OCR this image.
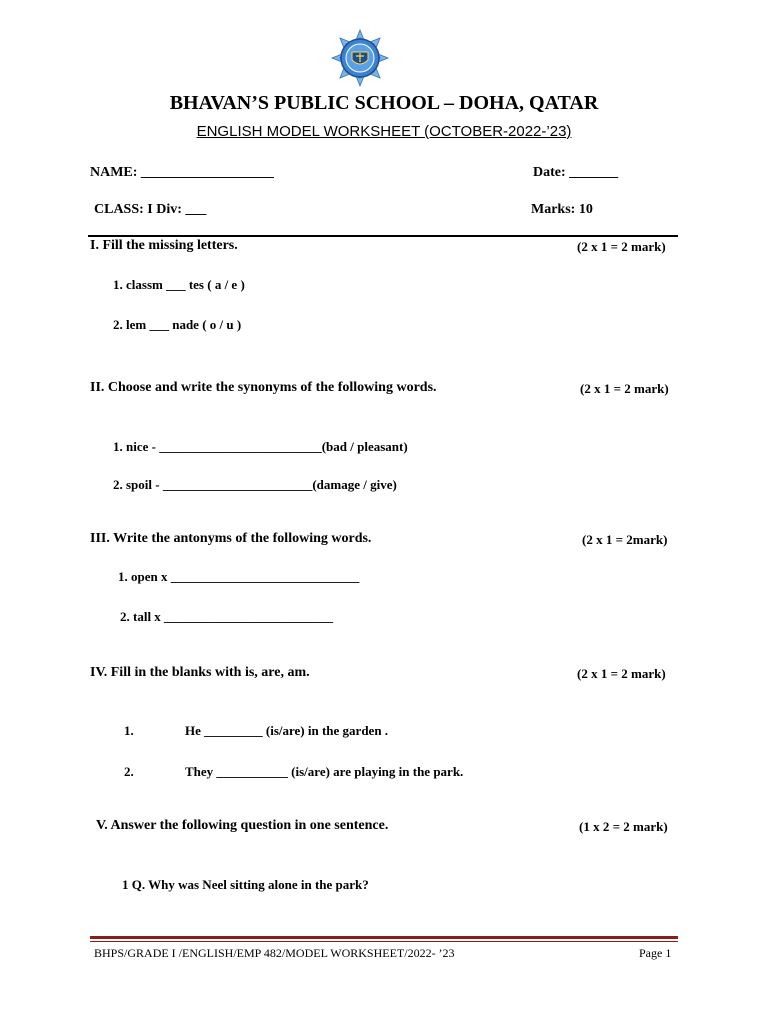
BHAVAN’S PUBLIC SCHOOL – DOHA, QATAR
ENGLISH MODEL WORKSHEET (OCTOBER-2022-’23)
NAME: ___________________	Date: _______
CLASS: I Div: ___	Marks: 10
I. Fill the missing letters.	(2 x 1 = 2 mark)
1. classm ___ tes ( a / e )
2. lem ___ nade ( o / u )
II. Choose and write the synonyms of the following words.	(2 x 1 = 2 mark)
1. nice - _________________________(bad / pleasant)
2. spoil - _______________________(damage / give)
III. Write the antonyms of the following words.	(2 x 1 = 2mark)
1. open x _____________________________
2. tall x __________________________
IV. Fill in the blanks with is, are, am.	(2 x 1 = 2 mark)
1.	He _________ (is/are) in the garden .
2.	They ___________ (is/are) are playing in the park.
V. Answer the following question in one sentence.	(1 x 2 = 2 mark)
1 Q. Why was Neel sitting alone in the park?
BHPS/GRADE I /ENGLISH/EMP 482/MODEL WORKSHEET/2022- ’23	Page 1
